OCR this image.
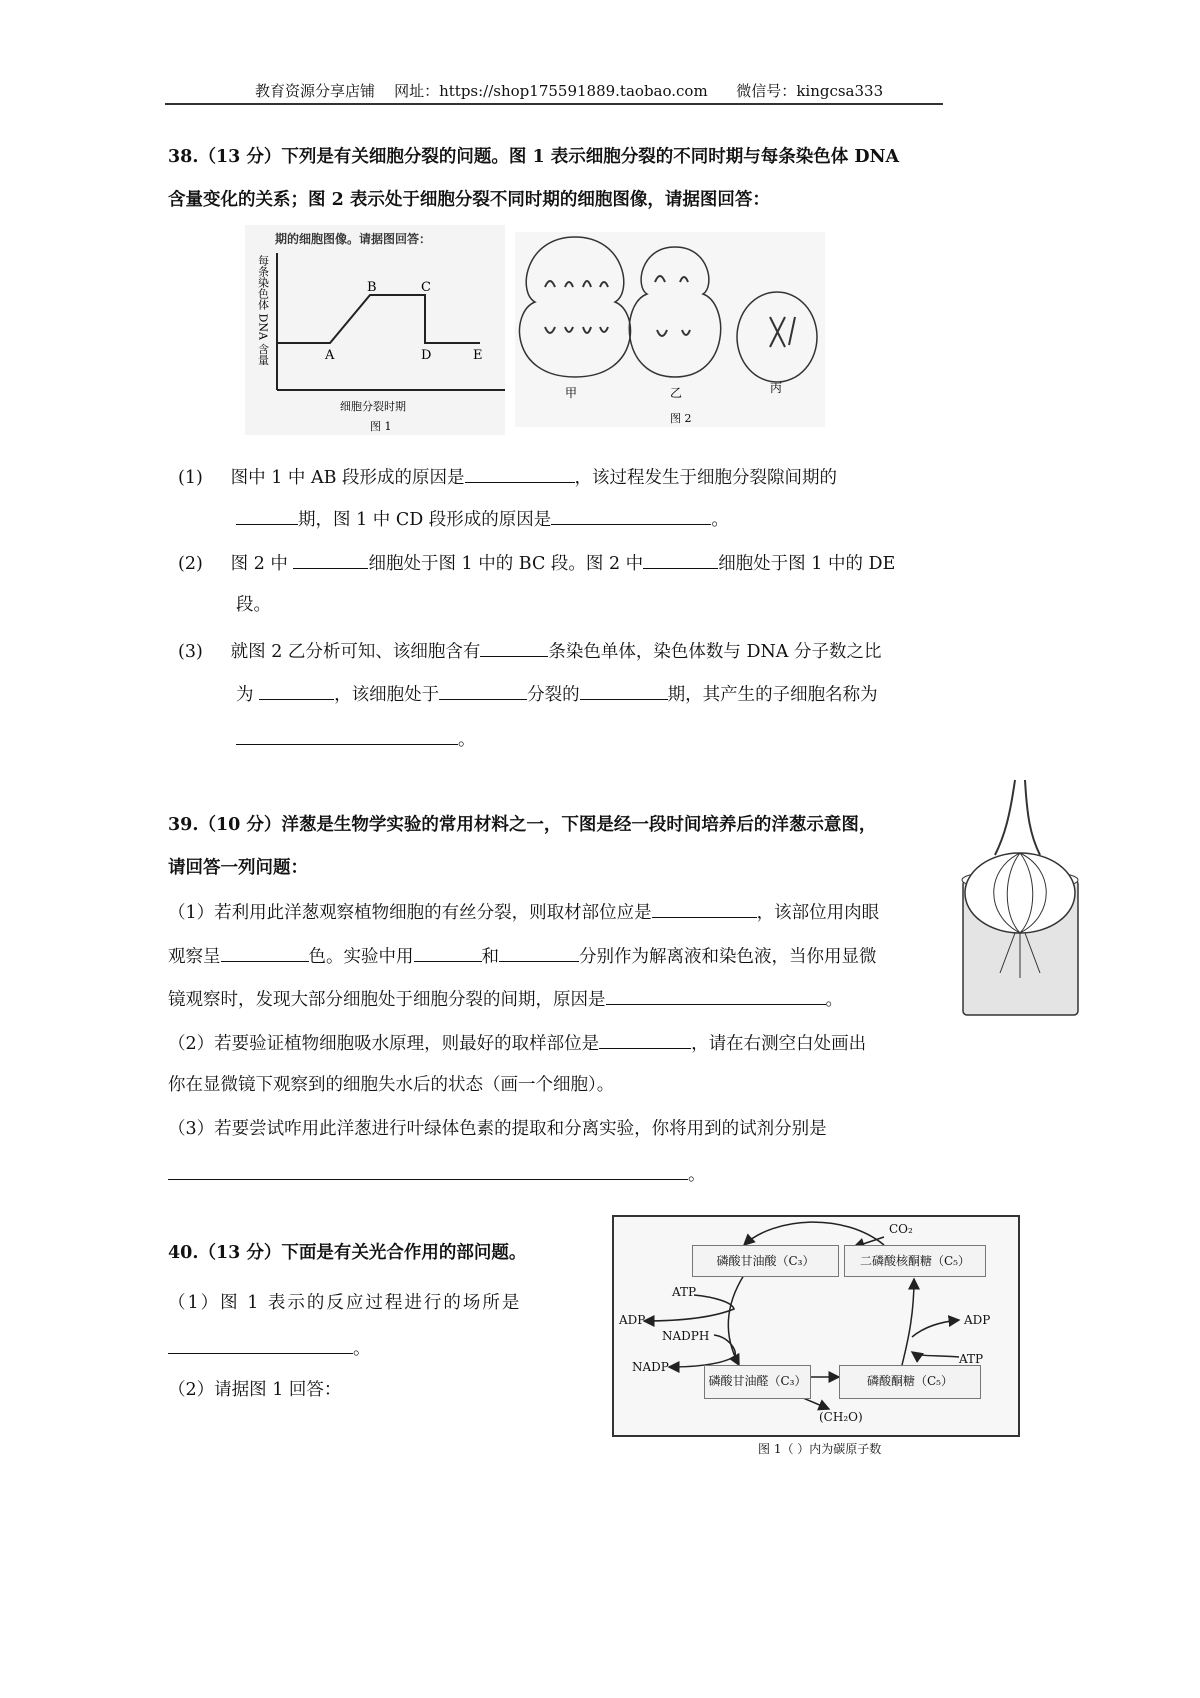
教育资源分享店铺 网址：https://shop175591889.taobao.com 微信号：kingcsa333
38.（13 分）下列是有关细胞分裂的问题。图 1 表示细胞分裂的不同时期与每条染色体 DNA
含量变化的关系；图 2 表示处于细胞分裂不同时期的细胞图像，请据图回答：
期的细胞图像。请据图回答：
A
B	C
D	E
每条染色体 DNA 含量
细胞分裂时期
图 1
甲	乙	丙
图 2
(1) 图中 1 中 AB 段形成的原因是	，该过程发生于细胞分裂隙间期的
期，图 1 中 CD 段形成的原因是	。
(2) 图 2 中	细胞处于图 1 中的 BC 段。图 2 中	细胞处于图 1 中的 DE
段。
(3) 就图 2 乙分析可知、该细胞含有	条染色单体，染色体数与 DNA 分子数之比
为	，该细胞处于	分裂的	期，其产生的子细胞名称为
。
39.（10 分）洋葱是生物学实验的常用材料之一，下图是经一段时间培养后的洋葱示意图，
请回答一列问题：
（1）若利用此洋葱观察植物细胞的有丝分裂，则取材部位应是	，该部位用肉眼
观察呈	色。实验中用	和	分别作为解离液和染色液，当你用显微
镜观察时，发现大部分细胞处于细胞分裂的间期，原因是	。
（2）若要验证植物细胞吸水原理，则最好的取样部位是	，请在右测空白处画出
你在显微镜下观察到的细胞失水后的状态（画一个细胞）。
（3）若要尝试咋用此洋葱进行叶绿体色素的提取和分离实验，你将用到的试剂分别是
。
40.（13 分）下面是有关光合作用的部问题。
（1）图 1 表示的反应过程进行的场所是
。
（2）请据图 1 回答：
磷酸甘油酸（C₃）	二磷酸核酮糖（C₅）
磷酸甘油醛（C₃）	磷酸酮糖（C₅）
CO₂
ATP
ADP
NADPH
NADP
ADP
ATP
(CH₂O)
图 1（ ）内为碳原子数
